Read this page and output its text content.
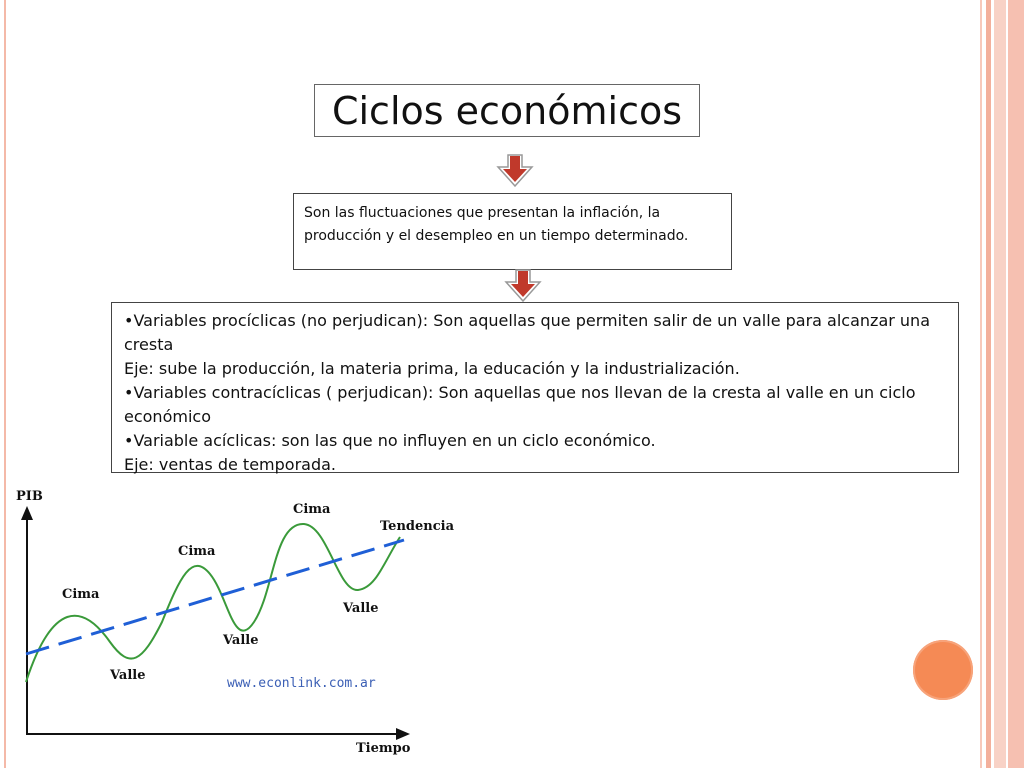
Ciclos económicos
Son las fluctuaciones que presentan la inflación, la producción y el desempleo en un tiempo determinado.

•Variables procíclicas (no perjudican): Son aquellas que permiten salir de un valle para alcanzar una cresta

Eje: sube la producción, la materia prima, la educación y la industrialización.

•Variables contracíclicas ( perjudican): Son aquellas que nos llevan de la cresta al valle en un ciclo económico

•Variable acíclicas: son las que no influyen en un ciclo económico.

Eje: ventas de temporada.

PIB
Tiempo
Tendencia
Cima
Cima
Cima
Valle
Valle
Valle
www.econlink.com.ar
